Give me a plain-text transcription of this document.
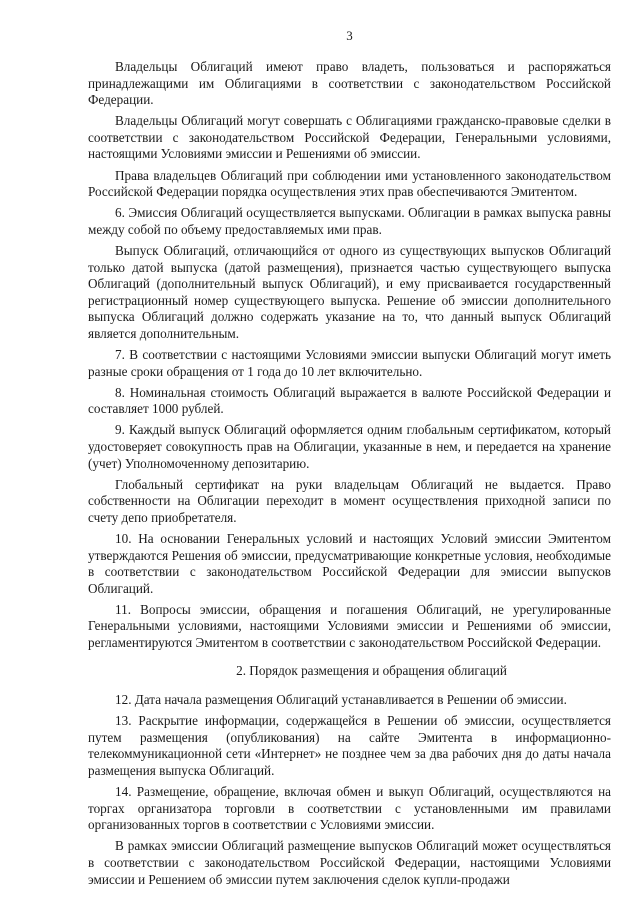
3

Владельцы Облигаций имеют право владеть, пользоваться и распоряжаться принадлежащими им Облигациями в соответствии с законодательством Российской Федерации.

Владельцы Облигаций могут совершать с Облигациями гражданско-правовые сделки в соответствии с законодательством Российской Федерации, Генеральными условиями, настоящими Условиями эмиссии и Решениями об эмиссии.

Права владельцев Облигаций при соблюдении ими установленного законодательством Российской Федерации порядка осуществления этих прав обеспечиваются Эмитентом.

6. Эмиссия Облигаций осуществляется выпусками. Облигации в рамках выпуска равны между собой по объему предоставляемых ими прав.

Выпуск Облигаций, отличающийся от одного из существующих выпусков Облигаций только датой выпуска (датой размещения), признается частью существующего выпуска Облигаций (дополнительный выпуск Облигаций), и ему присваивается государственный регистрационный номер существующего выпуска. Решение об эмиссии дополнительного выпуска Облигаций должно содержать указание на то, что данный выпуск Облигаций является дополнительным.

7. В соответствии с настоящими Условиями эмиссии выпуски Облигаций могут иметь разные сроки обращения от 1 года до 10 лет включительно.

8. Номинальная стоимость Облигаций выражается в валюте Российской Федерации и составляет 1000 рублей.

9. Каждый выпуск Облигаций оформляется одним глобальным сертификатом, который удостоверяет совокупность прав на Облигации, указанные в нем, и передается на хранение (учет) Уполномоченному депозитарию.

Глобальный сертификат на руки владельцам Облигаций не выдается. Право собственности на Облигации переходит в момент осуществления приходной записи по счету депо приобретателя.

10. На основании Генеральных условий и настоящих Условий эмиссии Эмитентом утверждаются Решения об эмиссии, предусматривающие конкретные условия, необходимые в соответствии с законодательством Российской Федерации для эмиссии выпусков Облигаций.

11. Вопросы эмиссии, обращения и погашения Облигаций, не урегулированные Генеральными условиями, настоящими Условиями эмиссии и Решениями об эмиссии, регламентируются Эмитентом в соответствии с законодательством Российской Федерации.

2. Порядок размещения и обращения облигаций

12. Дата начала размещения Облигаций устанавливается в Решении об эмиссии.

13. Раскрытие информации, содержащейся в Решении об эмиссии, осуществляется путем размещения (опубликования) на сайте Эмитента в информационно-телекоммуникационной сети «Интернет» не позднее чем за два рабочих дня до даты начала размещения выпуска Облигаций.

14. Размещение, обращение, включая обмен и выкуп Облигаций, осуществляются на торгах организатора торговли в соответствии с установленными им правилами организованных торгов в соответствии с Условиями эмиссии.

В рамках эмиссии Облигаций размещение выпусков Облигаций может осуществляться в соответствии с законодательством Российской Федерации, настоящими Условиями эмиссии и Решением об эмиссии путем заключения сделок купли-продажи
